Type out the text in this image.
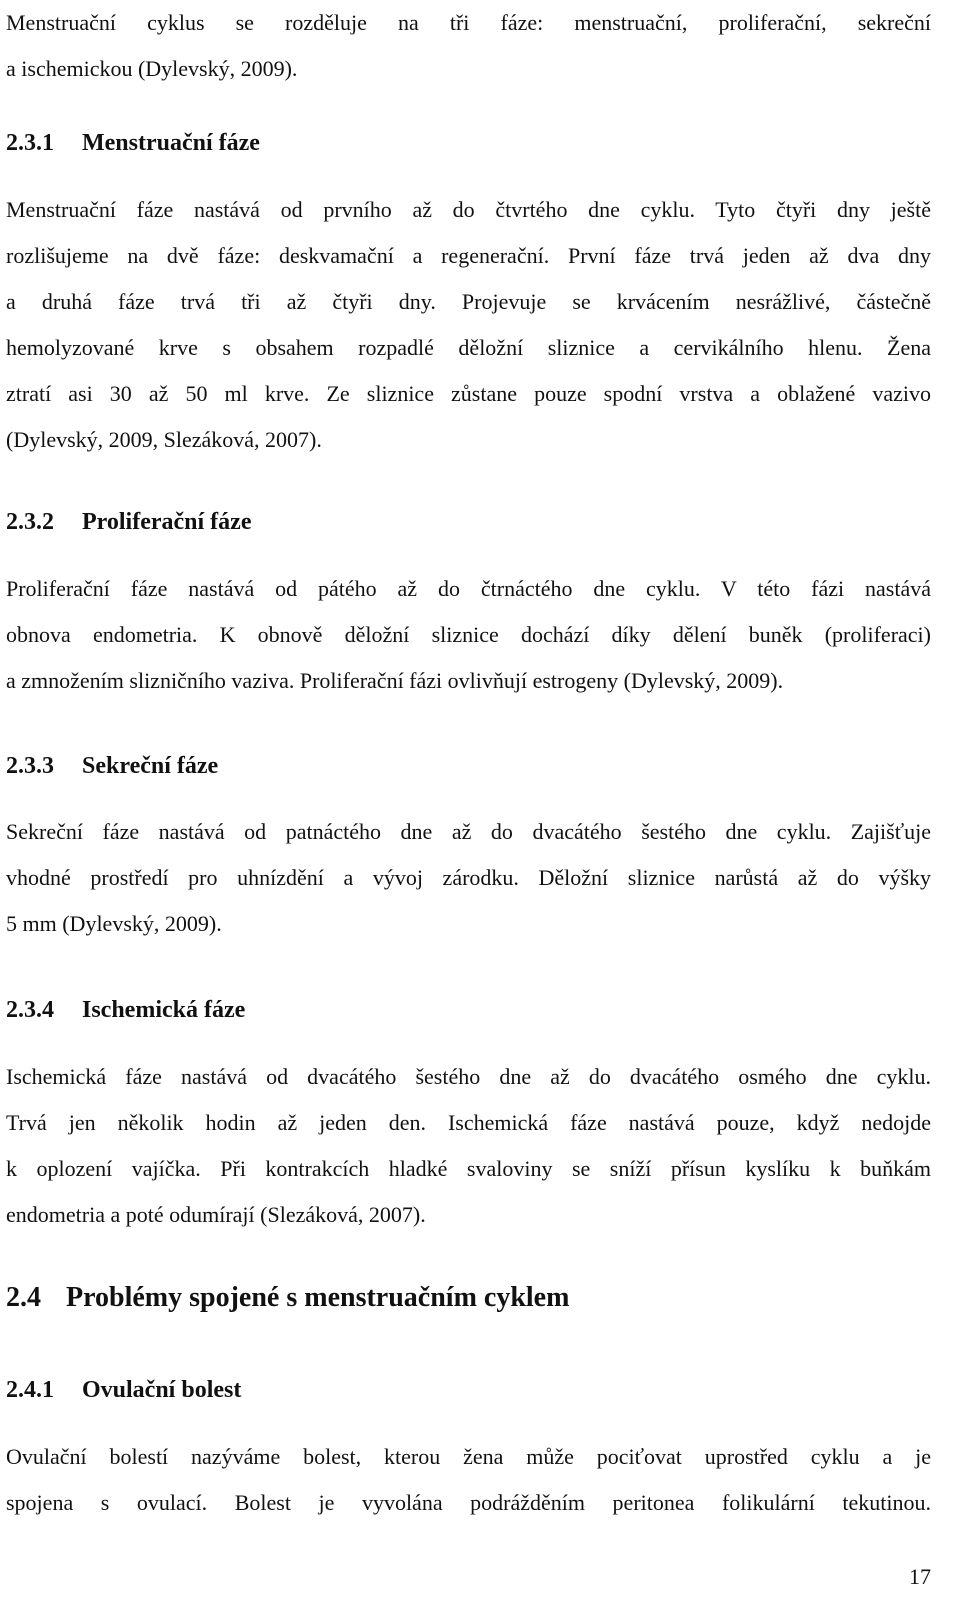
Menstruační cyklus se rozděluje na tři fáze: menstruační, proliferační, sekreční
a ischemickou (Dylevský, 2009).
2.3.1 Menstruační fáze
Menstruační fáze nastává od prvního až do čtvrtého dne cyklu. Tyto čtyři dny ještě
rozlišujeme na dvě fáze: deskvamační a regenerační. První fáze trvá jeden až dva dny
a druhá fáze trvá tři až čtyři dny. Projevuje se krvácením nesrážlivé, částečně
hemolyzované krve s obsahem rozpadlé děložní sliznice a cervikálního hlenu. Žena
ztratí asi 30 až 50 ml krve. Ze sliznice zůstane pouze spodní vrstva a oblažené vazivo
(Dylevský, 2009, Slezáková, 2007).
2.3.2 Proliferační fáze
Proliferační fáze nastává od pátého až do čtrnáctého dne cyklu. V této fázi nastává
obnova endometria. K obnově děložní sliznice dochází díky dělení buněk (proliferaci)
a zmnožením slizničního vaziva. Proliferační fázi ovlivňují estrogeny (Dylevský, 2009).
2.3.3 Sekreční fáze
Sekreční fáze nastává od patnáctého dne až do dvacátého šestého dne cyklu. Zajišťuje
vhodné prostředí pro uhnízdění a vývoj zárodku. Děložní sliznice narůstá až do výšky
5 mm (Dylevský, 2009).
2.3.4 Ischemická fáze
Ischemická fáze nastává od dvacátého šestého dne až do dvacátého osmého dne cyklu.
Trvá jen několik hodin až jeden den. Ischemická fáze nastává pouze, když nedojde
k oplození vajíčka. Při kontrakcích hladké svaloviny se sníží přísun kyslíku k buňkám
endometria a poté odumírají (Slezáková, 2007).
2.4 Problémy spojené s menstruačním cyklem
2.4.1 Ovulační bolest
Ovulační bolestí nazýváme bolest, kterou žena může pociťovat uprostřed cyklu a je
spojena s ovulací. Bolest je vyvolána podrážděním peritonea folikulární tekutinou.
17
